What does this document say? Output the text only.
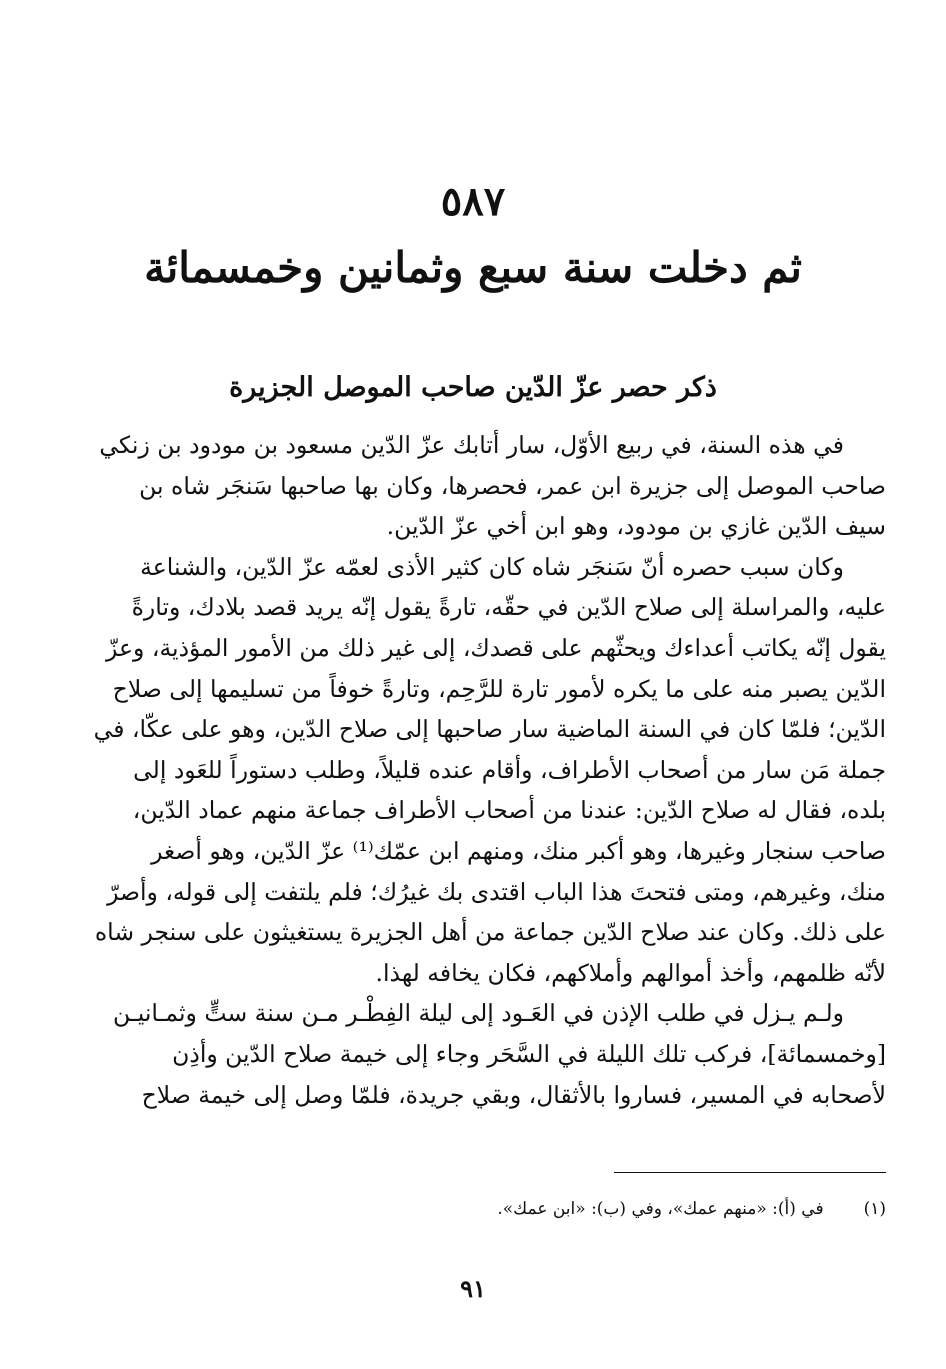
٥٨٧
ثم دخلت سنة سبع وثمانين وخمسمائة
ذكر حصر عزّ الدّين صاحب الموصل الجزيرة

في هذه السنة، في ربيع الأوّل، سار أتابك عزّ الدّين مسعود بن مودود بن زنكي
صاحب الموصل إلى جزيرة ابن عمر، فحصرها، وكان بها صاحبها سَنجَر شاه بن
سيف الدّين غازي بن مودود، وهو ابن أخي عزّ الدّين.

وكان سبب حصره أنّ سَنجَر شاه كان كثير الأذى لعمّه عزّ الدّين، والشناعة
عليه، والمراسلة إلى صلاح الدّين في حقّه، تارةً يقول إنّه يريد قصد بلادك، وتارةً
يقول إنّه يكاتب أعداءك ويحثّهم على قصدك، إلى غير ذلك من الأمور المؤذية، وعزّ
الدّين يصبر منه على ما يكره لأمور تارة للرَّحِم، وتارةً خوفاً من تسليمها إلى صلاح
الدّين؛ فلمّا كان في السنة الماضية سار صاحبها إلى صلاح الدّين، وهو على عكّا، في
جملة مَن سار من أصحاب الأطراف، وأقام عنده قليلاً، وطلب دستوراً للعَود إلى
بلده، فقال له صلاح الدّين: عندنا من أصحاب الأطراف جماعة منهم عماد الدّين،
صاحب سنجار وغيرها، وهو أكبر منك، ومنهم ابن عمّك⁽¹⁾ عزّ الدّين، وهو أصغر
منك، وغيرهم، ومتى فتحتَ هذا الباب اقتدى بك غيرُك؛ فلم يلتفت إلى قوله، وأصرّ
على ذلك. وكان عند صلاح الدّين جماعة من أهل الجزيرة يستغيثون على سنجر شاه
لأنّه ظلمهم، وأخذ أموالهم وأملاكهم، فكان يخافه لهذا.

ولـم يـزل في طلب الإذن في العَـود إلى ليلة الفِطْـر مـن سنة ستٍّ وثمـانيـن
[وخمسمائة]، فركب تلك الليلة في السَّحَر وجاء إلى خيمة صلاح الدّين وأذِن
لأصحابه في المسير، فساروا بالأثقال، وبقي جريدة، فلمّا وصل إلى خيمة صلاح

(١)في (أ): «منهم عمك»، وفي (ب): «ابن عمك».
٩١
